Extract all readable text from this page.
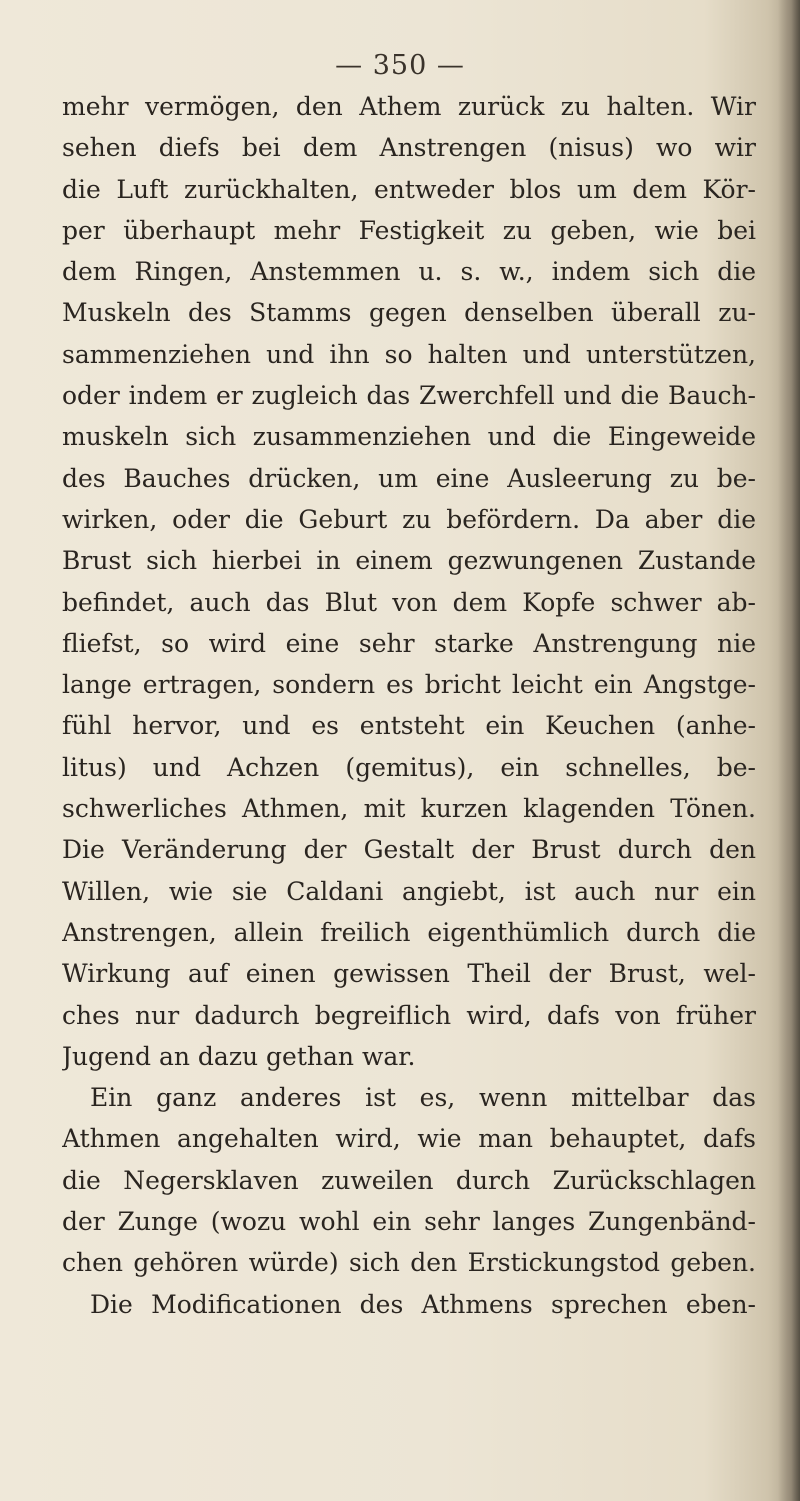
— 350 —
mehr vermögen, den Athem zurück zu halten. Wir
sehen diefs bei dem Anstrengen (nisus) wo wir
die Luft zurückhalten, entweder blos um dem Kör-
per überhaupt mehr Festigkeit zu geben, wie bei
dem Ringen, Anstemmen u. s. w., indem sich die
Muskeln des Stamms gegen denselben überall zu-
sammenziehen und ihn so halten und unterstützen,
oder indem er zugleich das Zwerchfell und die Bauch-
muskeln sich zusammenziehen und die Eingeweide
des Bauches drücken, um eine Ausleerung zu be-
wirken, oder die Geburt zu befördern. Da aber die
Brust sich hierbei in einem gezwungenen Zustande
befindet, auch das Blut von dem Kopfe schwer ab-
fliefst, so wird eine sehr starke Anstrengung nie
lange ertragen, sondern es bricht leicht ein Angstge-
fühl hervor, und es entsteht ein Keuchen (anhe-
litus) und Achzen (gemitus), ein schnelles, be-
schwerliches Athmen, mit kurzen klagenden Tönen.
Die Veränderung der Gestalt der Brust durch den
Willen, wie sie Caldani angiebt, ist auch nur ein
Anstrengen, allein freilich eigenthümlich durch die
Wirkung auf einen gewissen Theil der Brust, wel-
ches nur dadurch begreiflich wird, dafs von früher
Jugend an dazu gethan war.
Ein ganz anderes ist es, wenn mittelbar das
Athmen angehalten wird, wie man behauptet, dafs
die Negersklaven zuweilen durch Zurückschlagen
der Zunge (wozu wohl ein sehr langes Zungenbänd-
chen gehören würde) sich den Erstickungstod geben.
Die Modificationen des Athmens sprechen eben-
